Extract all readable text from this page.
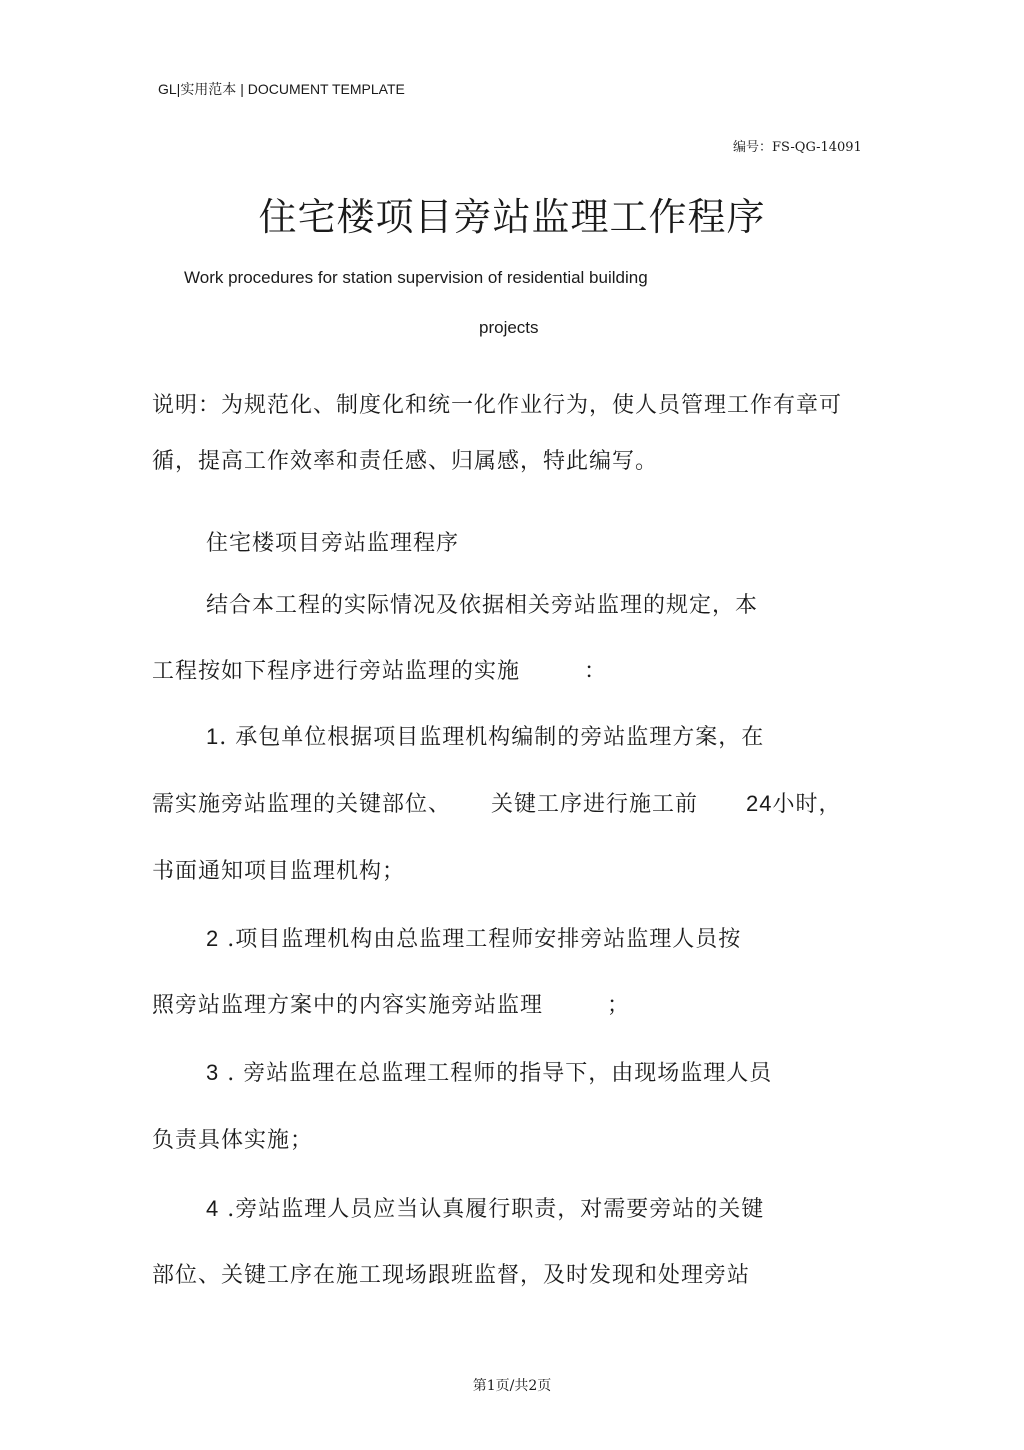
GL|实用范本 | DOCUMENT TEMPLATE
编号：FS-QG-14091
住宅楼项目旁站监理工作程序
Work procedures for station supervision of residential building
projects
说明：为规范化、制度化和统一化作业行为，使人员管理工作有章可
循，提高工作效率和责任感、归属感，特此编写。
住宅楼项目旁站监理程序
结合本工程的实际情况及依据相关旁站监理的规定，本
工程按如下程序进行旁站监理的实施	：
1. 承包单位根据项目监理机构编制的旁站监理方案，在
需实施旁站监理的关键部位、 关键工序进行施工前 24小时，
书面通知项目监理机构；
2 .项目监理机构由总监理工程师安排旁站监理人员按
照旁站监理方案中的内容实施旁站监理	；
3 . 旁站监理在总监理工程师的指导下，由现场监理人员
负责具体实施；
4 .旁站监理人员应当认真履行职责，对需要旁站的关键
部位、关键工序在施工现场跟班监督，及时发现和处理旁站
第1页/共2页
